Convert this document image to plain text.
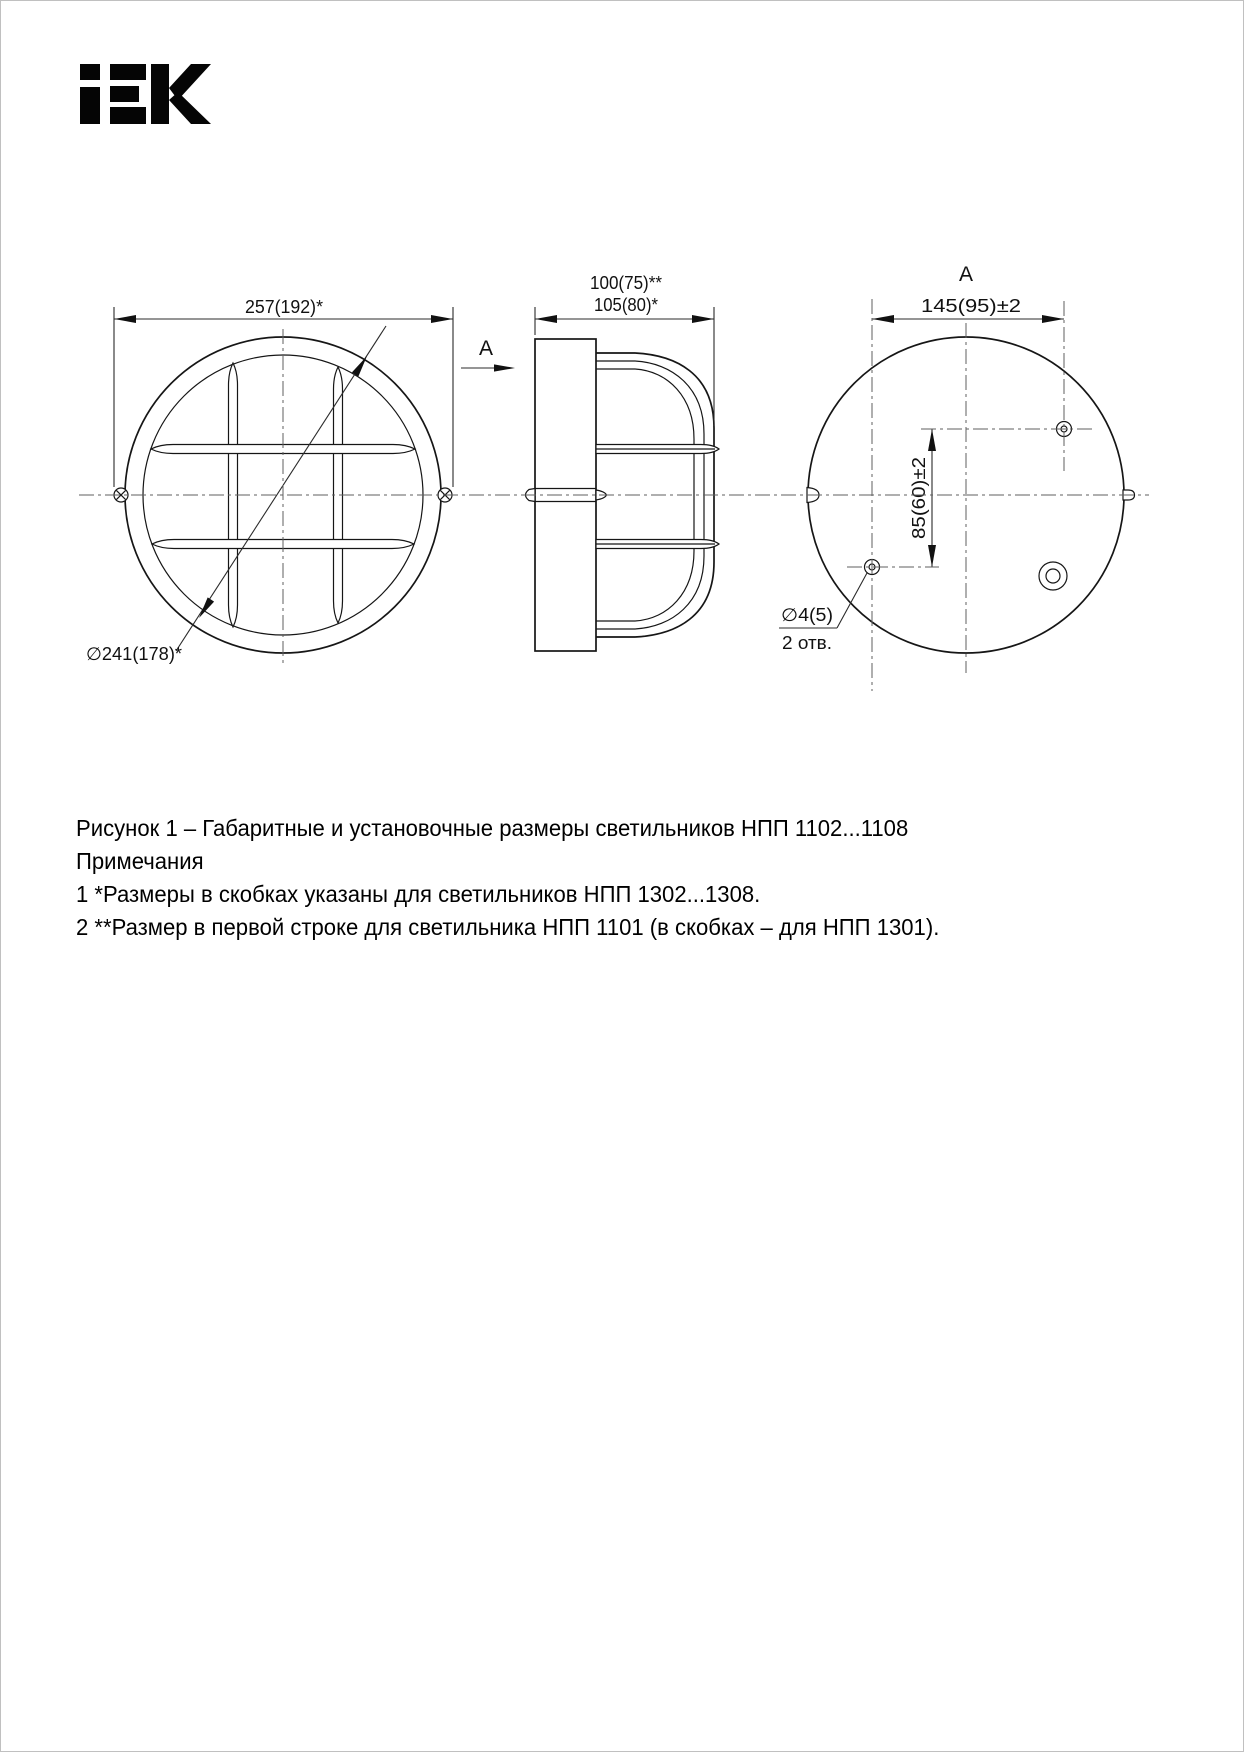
257(192)*
∅241(178)*
100(75)**
105(80)*
А
145(95)±2
А
85(60)±2
∅4(5)
2 отв.
Рисунок 1 – Габаритные и установочные размеры светильников НПП 1102...1108
Примечания
1 *Размеры в скобках указаны для светильников НПП 1302...1308.
2 **Размер в первой строке для светильника НПП 1101 (в скобках – для НПП 1301).
